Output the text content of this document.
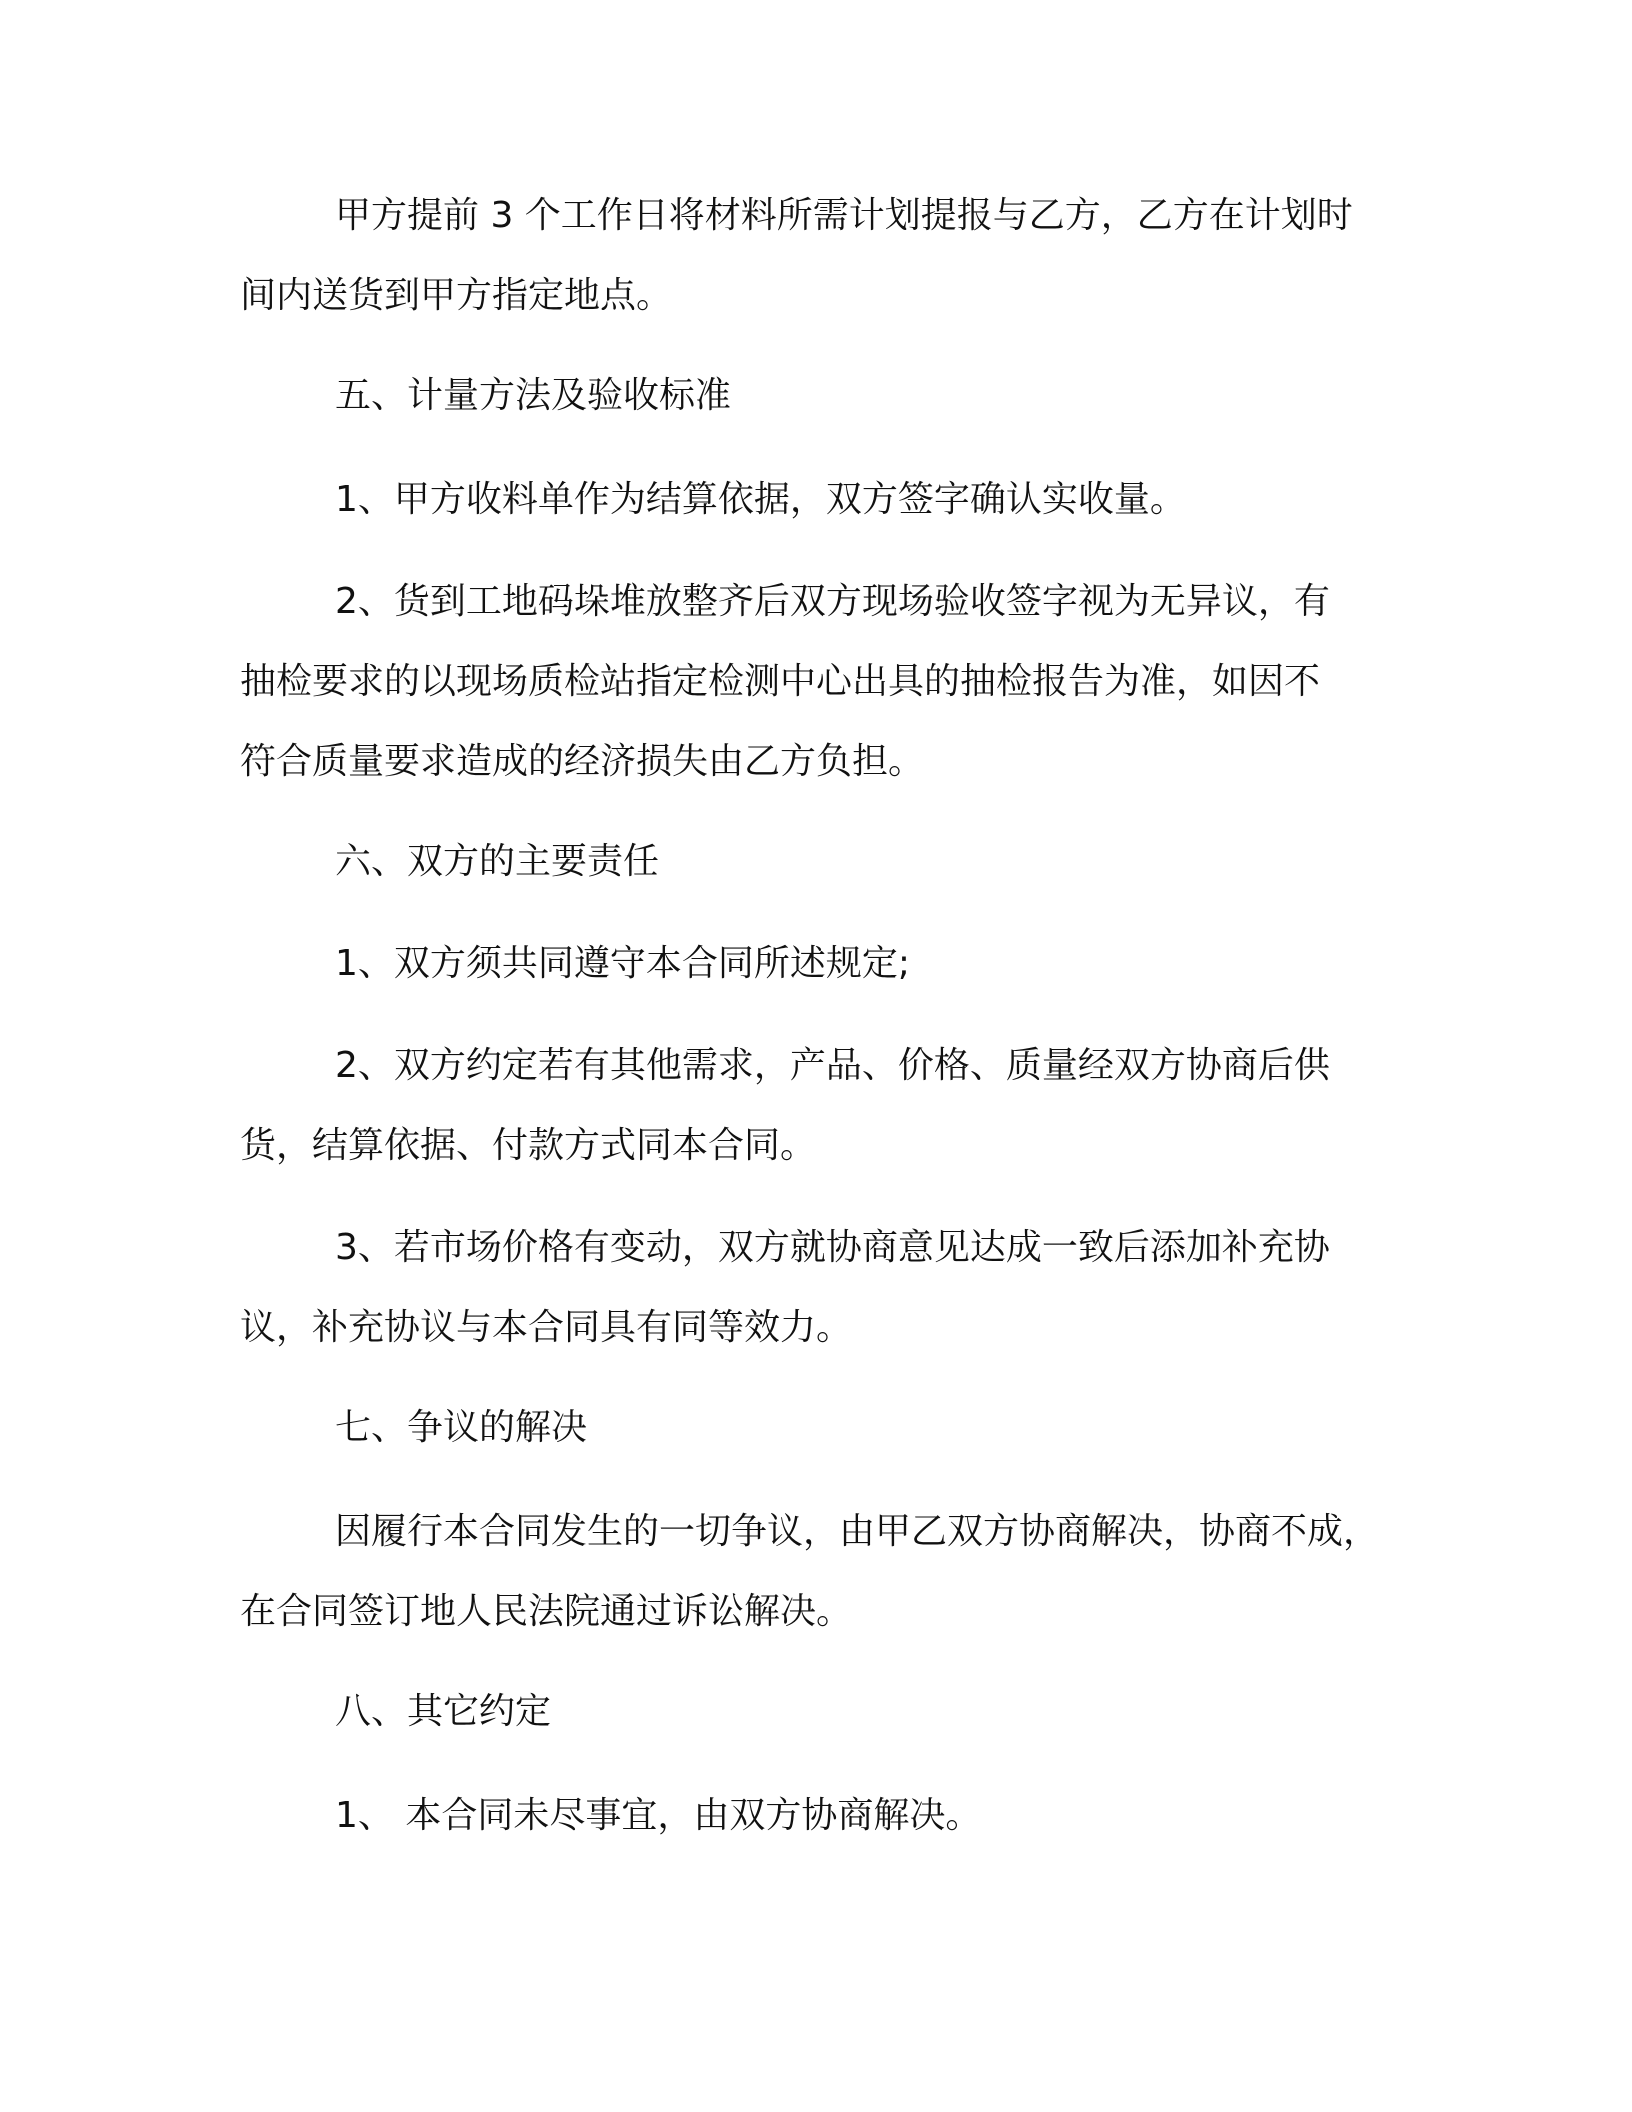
甲方提前 3 个工作日将材料所需计划提报与乙方，乙方在计划时

间内送货到甲方指定地点。

五、计量方法及验收标准

1、甲方收料单作为结算依据，双方签字确认实收量。

2、货到工地码垛堆放整齐后双方现场验收签字视为无异议，有

抽检要求的以现场质检站指定检测中心出具的抽检报告为准，如因不

符合质量要求造成的经济损失由乙方负担。

六、双方的主要责任

1、双方须共同遵守本合同所述规定;

2、双方约定若有其他需求，产品、价格、质量经双方协商后供

货，结算依据、付款方式同本合同。

3、若市场价格有变动，双方就协商意见达成一致后添加补充协

议，补充协议与本合同具有同等效力。

七、争议的解决

因履行本合同发生的一切争议，由甲乙双方协商解决，协商不成，

在合同签订地人民法院通过诉讼解决。

八、其它约定

1、 本合同未尽事宜，由双方协商解决。
